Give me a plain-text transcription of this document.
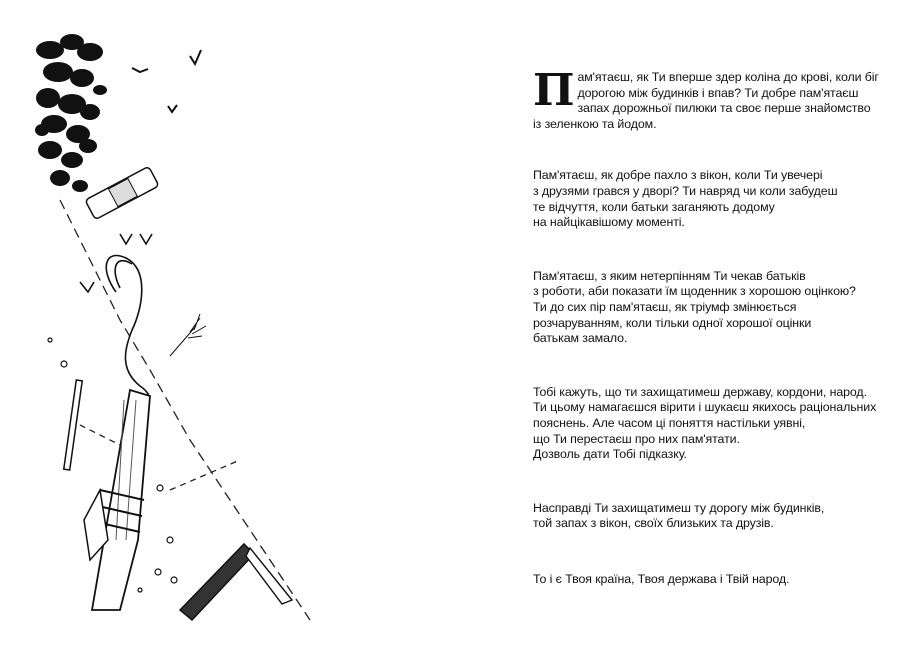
П ам'ятаєш, як Ти вперше здер коліна до крові, коли біг
дорогою між будинків і впав? Ти добре пам'ятаєш
запах дорожньої пилюки та своє перше знайомство
із зеленкою та йодом.

Пам'ятаєш, як добре пахло з вікон, коли Ти увечері
з друзями грався у дворі? Ти навряд чи коли забудеш
те відчуття, коли батьки заганяють додому
на найцікавішому моменті.

Пам'ятаєш, з яким нетерпінням Ти чекав батьків
з роботи, аби показати їм щоденник з хорошою оцінкою?
Ти до сих пір пам'ятаєш, як тріумф змінюється
розчаруванням, коли тільки одної хорошої оцінки
батькам замало.

Тобі кажуть, що ти захищатимеш державу, кордони, народ.
Ти цьому намагаєшся вірити і шукаєш якихось раціональних
пояснень. Але часом ці поняття настільки уявні,
що Ти перестаєш про них пам'ятати.
Дозволь дати Тобі підказку.

Насправді Ти захищатимеш ту дорогу між будинків,
той запах з вікон, своїх близьких та друзів.

То і є Твоя країна, Твоя держава і Твій народ.
